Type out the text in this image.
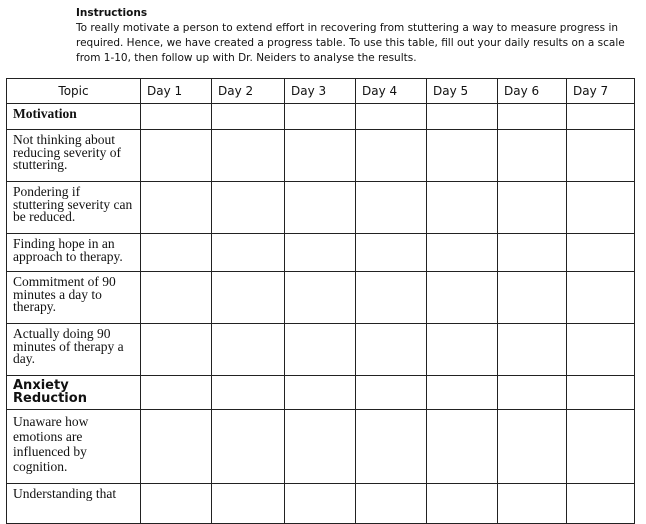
Instructions
To really motivate a person to extend effort in recovering from stuttering a way to measure progress in required. Hence, we have created a progress table. To use this table, fill out your daily results on a scale from 1-10, then follow up with Dr. Neiders to analyse the results.
Topic	Day 1	Day 2	Day 3	Day 4	Day 5	Day 6	Day 7
Motivation							
Not thinking about reducing severity of stuttering.							
Pondering if stuttering severity can be reduced.							
Finding hope in an approach to therapy.							
Commitment of 90 minutes a day to therapy.							
Actually doing 90 minutes of therapy a day.							
Anxiety Reduction							
Unaware how emotions are influenced by cognition.							
Understanding that							
